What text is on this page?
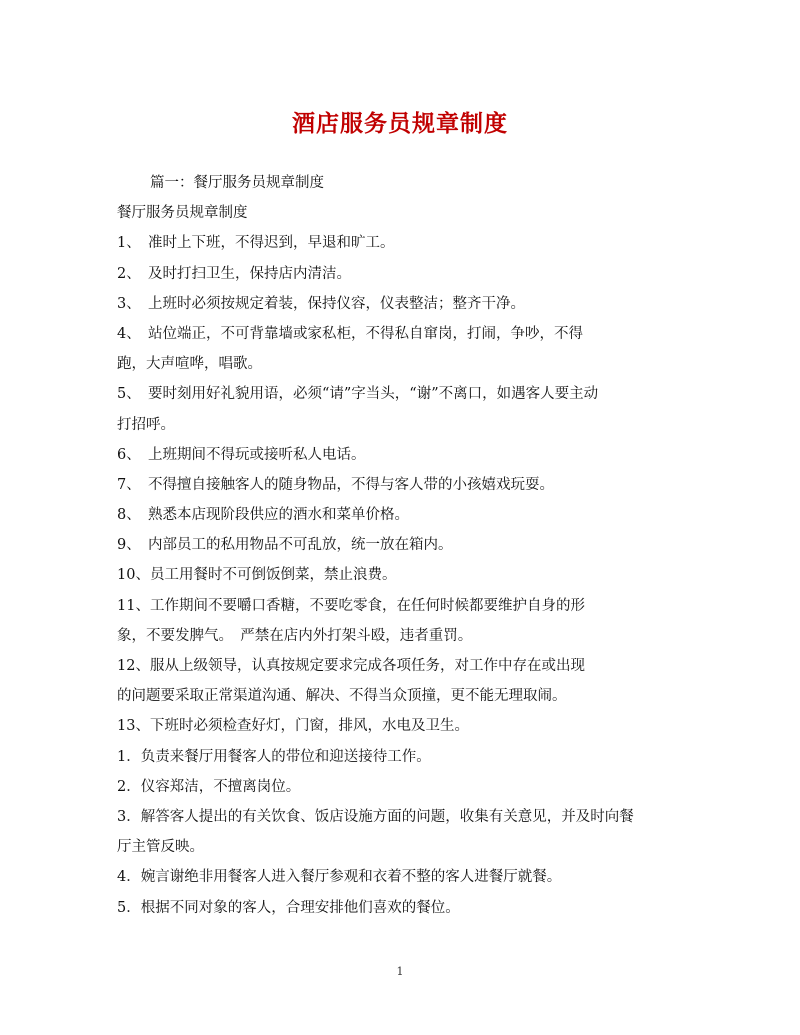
酒店服务员规章制度
篇一：餐厅服务员规章制度
餐厅服务员规章制度
1、　准时上下班，不得迟到，早退和旷工。
2、　及时打扫卫生，保持店内清洁。
3、　上班时必须按规定着装，保持仪容，仪表整洁；整齐干净。
4、　站位端正，不可背靠墙或家私柜，不得私自窜岗，打闹，争吵，不得
跑，大声喧哗，唱歌。
5、　要时刻用好礼貌用语，必须“请”字当头，“谢”不离口，如遇客人要主动
打招呼。
6、　上班期间不得玩或接听私人电话。
7、　不得擅自接触客人的随身物品，不得与客人带的小孩嬉戏玩耍。
8、　熟悉本店现阶段供应的酒水和菜单价格。
9、　内部员工的私用物品不可乱放，统一放在箱内。
10、员工用餐时不可倒饭倒菜，禁止浪费。
11、工作期间不要嚼口香糖，不要吃零食，在任何时候都要维护自身的形
象，不要发脾气。　严禁在店内外打架斗殴，违者重罚。
12、服从上级领导，认真按规定要求完成各项任务，对工作中存在或出现
的问题要采取正常渠道沟通、解决、不得当众顶撞，更不能无理取闹。
13、下班时必须检查好灯，门窗，排风，水电及卫生。
1．负责来餐厅用餐客人的带位和迎送接待工作。
2．仪容郑洁，不擅离岗位。
3．解答客人提出的有关饮食、饭店设施方面的问题，收集有关意见，并及时向餐
厅主管反映。
4．婉言谢绝非用餐客人进入餐厅参观和衣着不整的客人进餐厅就餐。
5．根据不同对象的客人，合理安排他们喜欢的餐位。
1
